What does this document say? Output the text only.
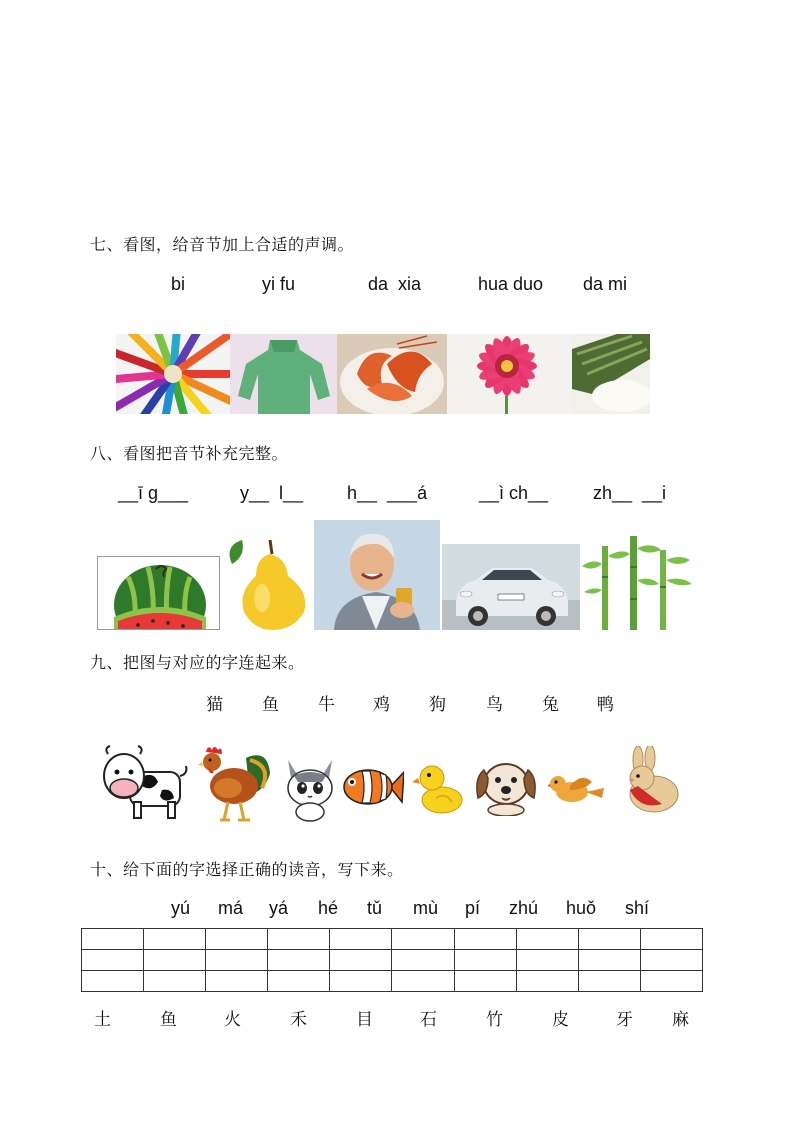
七、看图，给音节加上合适的声调。
bi	yi fu	da  xia	hua duo da mi
八、看图把音节补充完整。
__ī g___	y__  l__ h__  ___á	__ì ch__ zh__  __i
九、把图与对应的字连起来。
猫 鱼 牛 鸡 狗 鸟 兔 鸭
十、给下面的字选择正确的读音，写下来。
yú má yá hé tǔ mù pí zhú huǒ shí

土	鱼	火	禾	目	石	竹	皮	牙 麻
